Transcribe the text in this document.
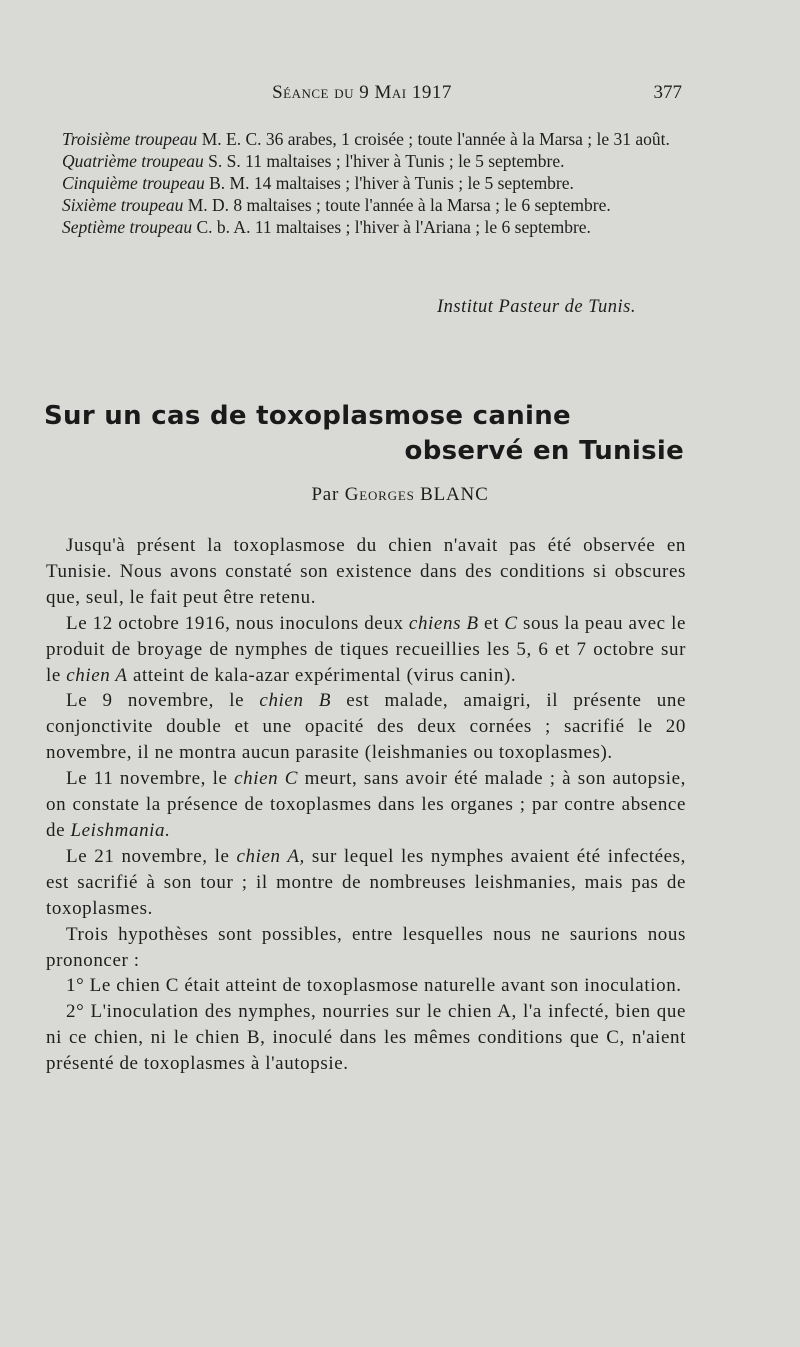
Séance du 9 Mai 1917	377

Troisième troupeau M. E. C. 36 arabes, 1 croisée ; toute l'année à la Marsa ; le 31 août.

Quatrième troupeau S. S. 11 maltaises ; l'hiver à Tunis ; le 5 septembre.

Cinquième troupeau B. M. 14 maltaises ; l'hiver à Tunis ; le 5 septembre.

Sixième troupeau M. D. 8 maltaises ; toute l'année à la Marsa ; le 6 septembre.

Septième troupeau C. b. A. 11 maltaises ; l'hiver à l'Ariana ; le 6 septembre.

Institut Pasteur de Tunis.
Sur un cas de toxoplasmose canine
observé en Tunisie
Par Georges BLANC

Jusqu'à présent la toxoplasmose du chien n'avait pas été observée en Tunisie. Nous avons constaté son existence dans des conditions si obscures que, seul, le fait peut être retenu.

Le 12 octobre 1916, nous inoculons deux chiens B et C sous la peau avec le produit de broyage de nymphes de tiques recueillies les 5, 6 et 7 octobre sur le chien A atteint de kala-azar expérimental (virus canin).

Le 9 novembre, le chien B est malade, amaigri, il présente une conjonctivite double et une opacité des deux cornées ; sacrifié le 20 novembre, il ne montra aucun parasite (leishmanies ou toxoplasmes).

Le 11 novembre, le chien C meurt, sans avoir été malade ; à son autopsie, on constate la présence de toxoplasmes dans les organes ; par contre absence de Leishmania.

Le 21 novembre, le chien A, sur lequel les nymphes avaient été infectées, est sacrifié à son tour ; il montre de nombreuses leishmanies, mais pas de toxoplasmes.

Trois hypothèses sont possibles, entre lesquelles nous ne saurions nous prononcer :

1° Le chien C était atteint de toxoplasmose naturelle avant son inoculation.

2° L'inoculation des nymphes, nourries sur le chien A, l'a infecté, bien que ni ce chien, ni le chien B, inoculé dans les mêmes conditions que C, n'aient présenté de toxoplasmes à l'autopsie.
